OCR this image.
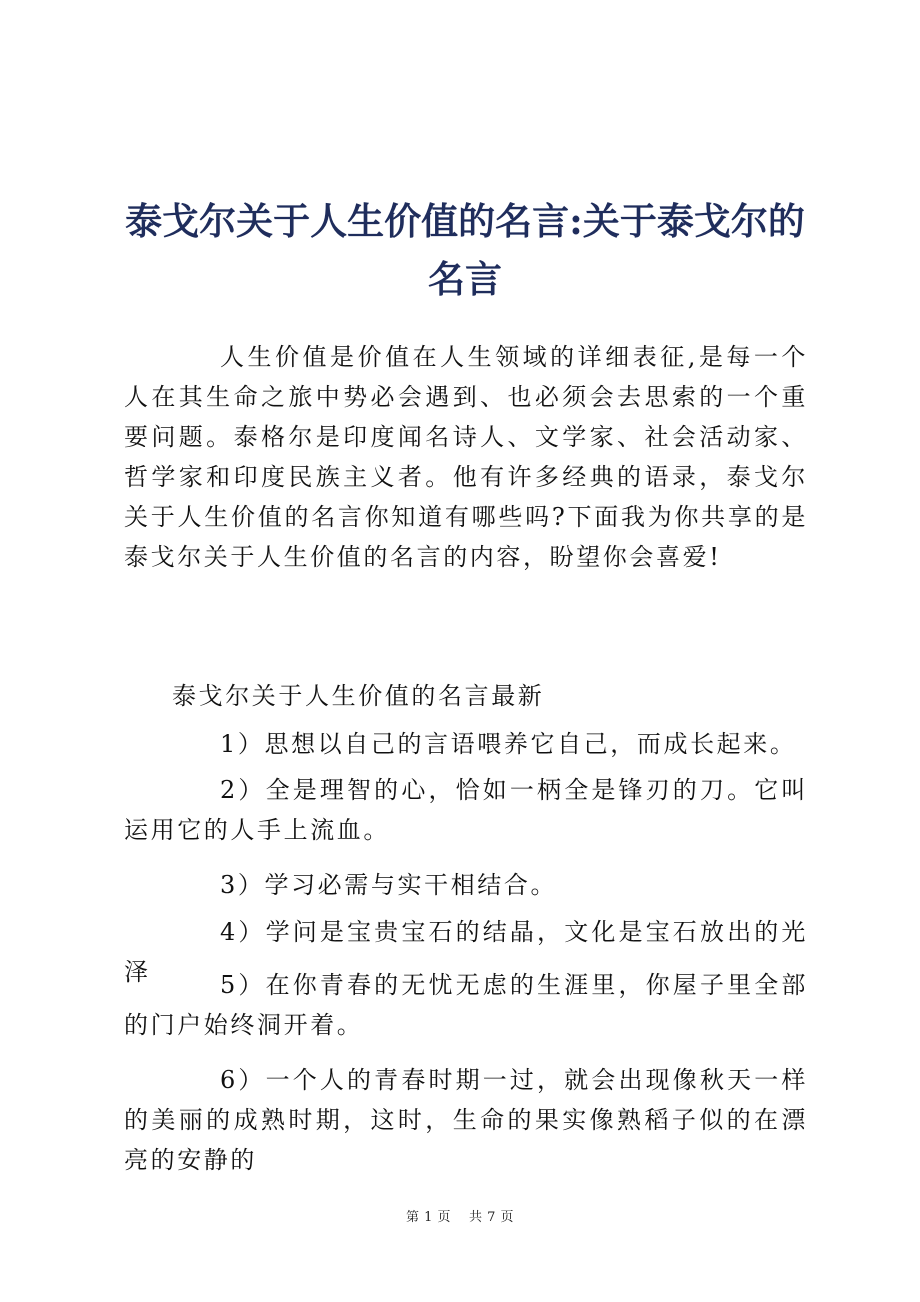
泰戈尔关于人生价值的名言:关于泰戈尔的名言

人生价值是价值在人生领域的详细表征,是每一个人在其生命之旅中势必会遇到、也必须会去思索的一个重要问题。泰格尔是印度闻名诗人、文学家、社会活动家、哲学家和印度民族主义者。他有许多经典的语录，泰戈尔关于人生价值的名言你知道有哪些吗?下面我为你共享的是泰戈尔关于人生价值的名言的内容，盼望你会喜爱!

泰戈尔关于人生价值的名言最新

1）思想以自己的言语喂养它自己，而成长起来。

2）全是理智的心，恰如一柄全是锋刃的刀。它叫运用它的人手上流血。

3）学习必需与实干相结合。

4）学问是宝贵宝石的结晶，文化是宝石放出的光泽	5）在你青春的无忧无虑的生涯里，你屋子里全部的门户始终洞开着。

6）一个人的青春时期一过，就会出现像秋天一样的美丽的成熟时期，这时，生命的果实像熟稻子似的在漂亮的安静的

第 1 页 共 7 页
